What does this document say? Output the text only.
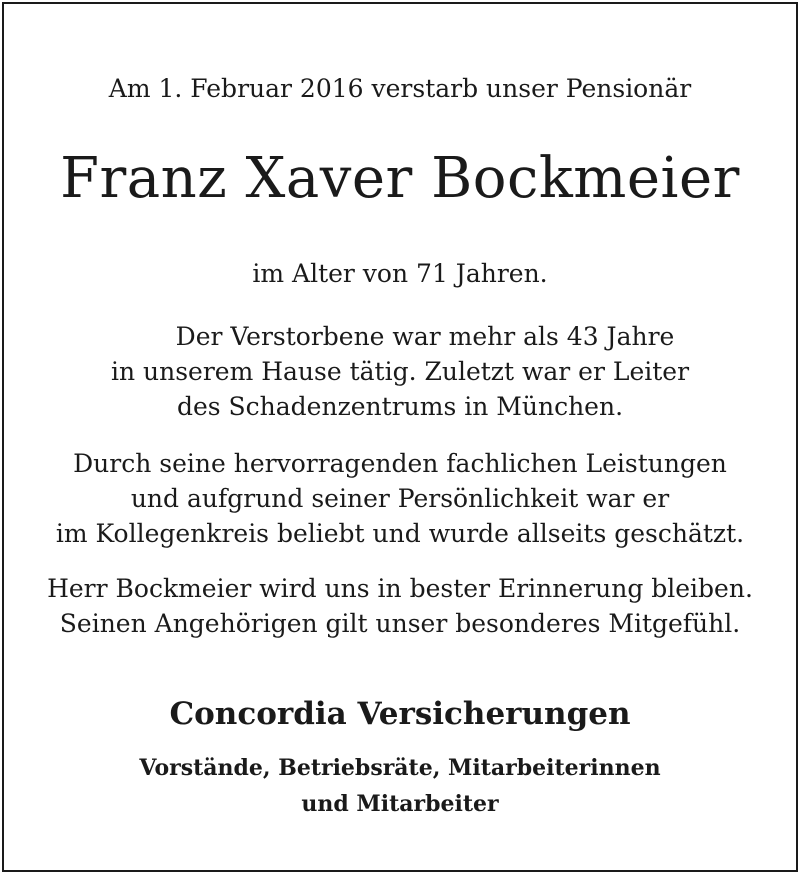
Am 1. Februar 2016 verstarb unser Pensionär
Franz Xaver Bockmeier
im Alter von 71 Jahren.
Der Verstorbene war mehr als 43 Jahre
in unserem Hause tätig. Zuletzt war er Leiter
des Schadenzentrums in München.
Durch seine hervorragenden fachlichen Leistungen
und aufgrund seiner Persönlichkeit war er
im Kollegenkreis beliebt und wurde allseits geschätzt.
Herr Bockmeier wird uns in bester Erinnerung bleiben.
Seinen Angehörigen gilt unser besonderes Mitgefühl.
Concordia Versicherungen
Vorstände, Betriebsräte, Mitarbeiterinnen
und Mitarbeiter
